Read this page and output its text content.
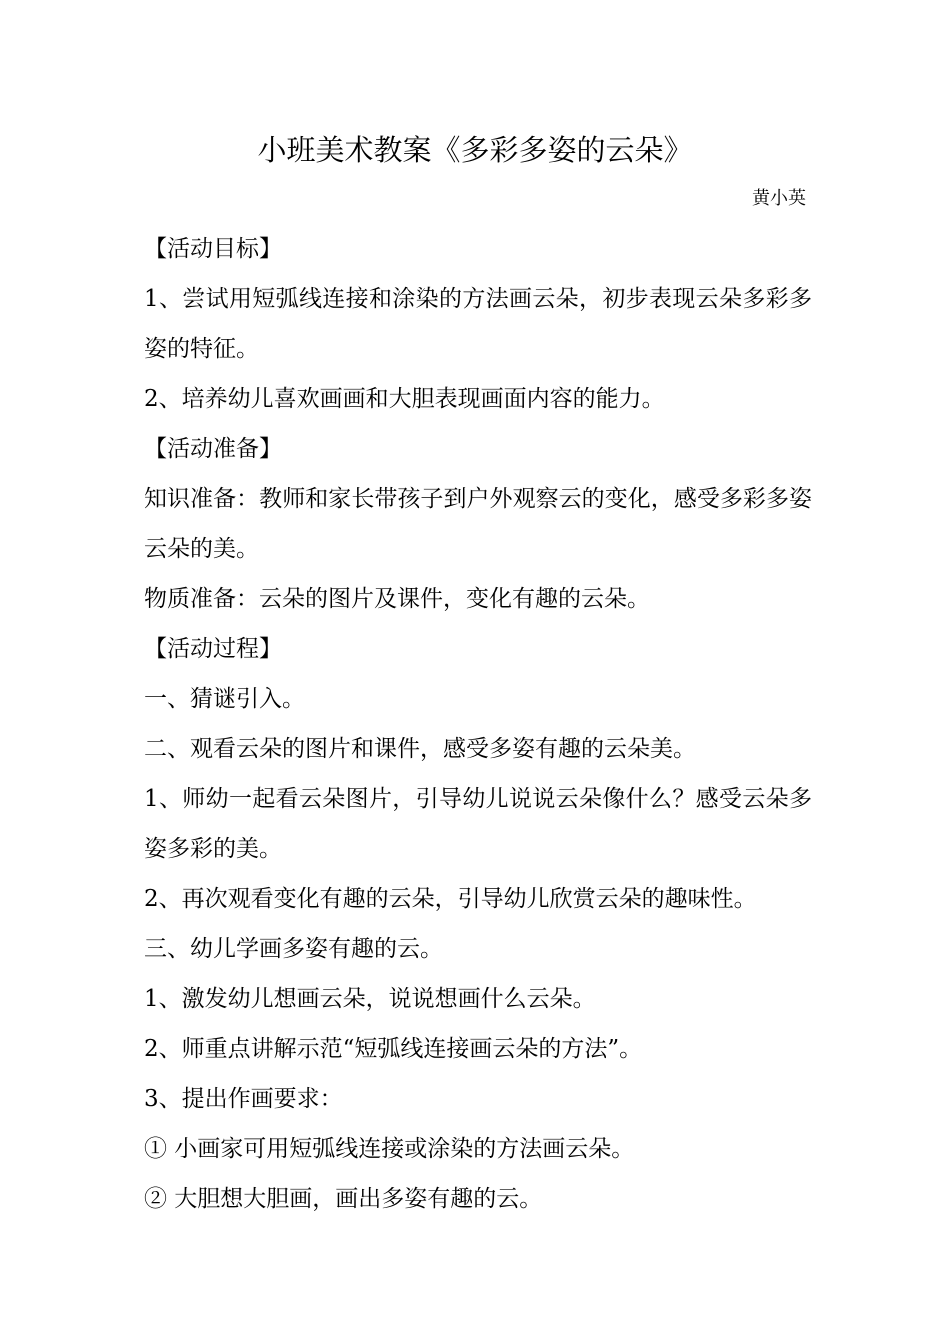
小班美术教案《多彩多姿的云朵》
黄小英

【活动目标】

1、尝试用短弧线连接和涂染的方法画云朵，初步表现云朵多彩多姿的特征。

2、培养幼儿喜欢画画和大胆表现画面内容的能力。

【活动准备】

知识准备：教师和家长带孩子到户外观察云的变化，感受多彩多姿云朵的美。

物质准备：云朵的图片及课件，变化有趣的云朵。

【活动过程】

一、猜谜引入。

二、观看云朵的图片和课件，感受多姿有趣的云朵美。

1、师幼一起看云朵图片，引导幼儿说说云朵像什么？感受云朵多姿多彩的美。

2、再次观看变化有趣的云朵，引导幼儿欣赏云朵的趣味性。

三、幼儿学画多姿有趣的云。

1、激发幼儿想画云朵，说说想画什么云朵。

2、师重点讲解示范“短弧线连接画云朵的方法”。

3、提出作画要求：

① 小画家可用短弧线连接或涂染的方法画云朵。

② 大胆想大胆画，画出多姿有趣的云。
